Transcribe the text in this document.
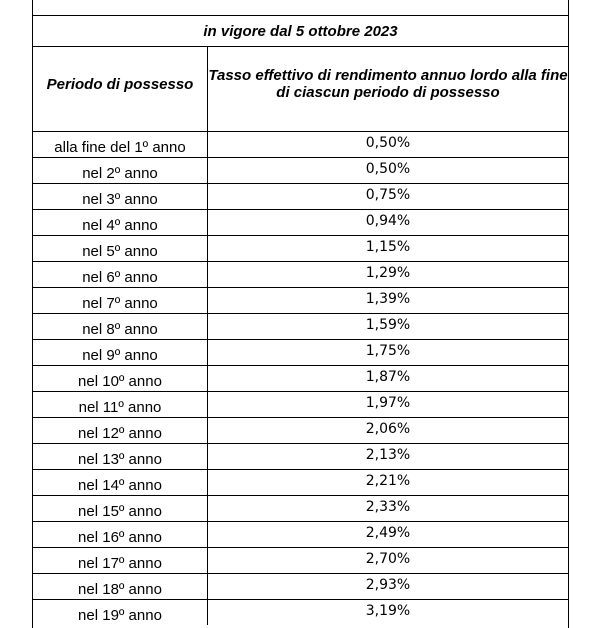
in vigore dal 5 ottobre 2023
Periodo di possesso	Tasso effettivo di rendimento annuo lordo alla fine di ciascun periodo di possesso
alla fine del 1º anno	0,50%
nel 2º anno	0,50%
nel 3º anno	0,75%
nel 4º anno	0,94%
nel 5º anno	1,15%
nel 6º anno	1,29%
nel 7º anno	1,39%
nel 8º anno	1,59%
nel 9º anno	1,75%
nel 10º anno	1,87%
nel 11º anno	1,97%
nel 12º anno	2,06%
nel 13º anno	2,13%
nel 14º anno	2,21%
nel 15º anno	2,33%
nel 16º anno	2,49%
nel 17º anno	2,70%
nel 18º anno	2,93%
nel 19º anno	3,19%
